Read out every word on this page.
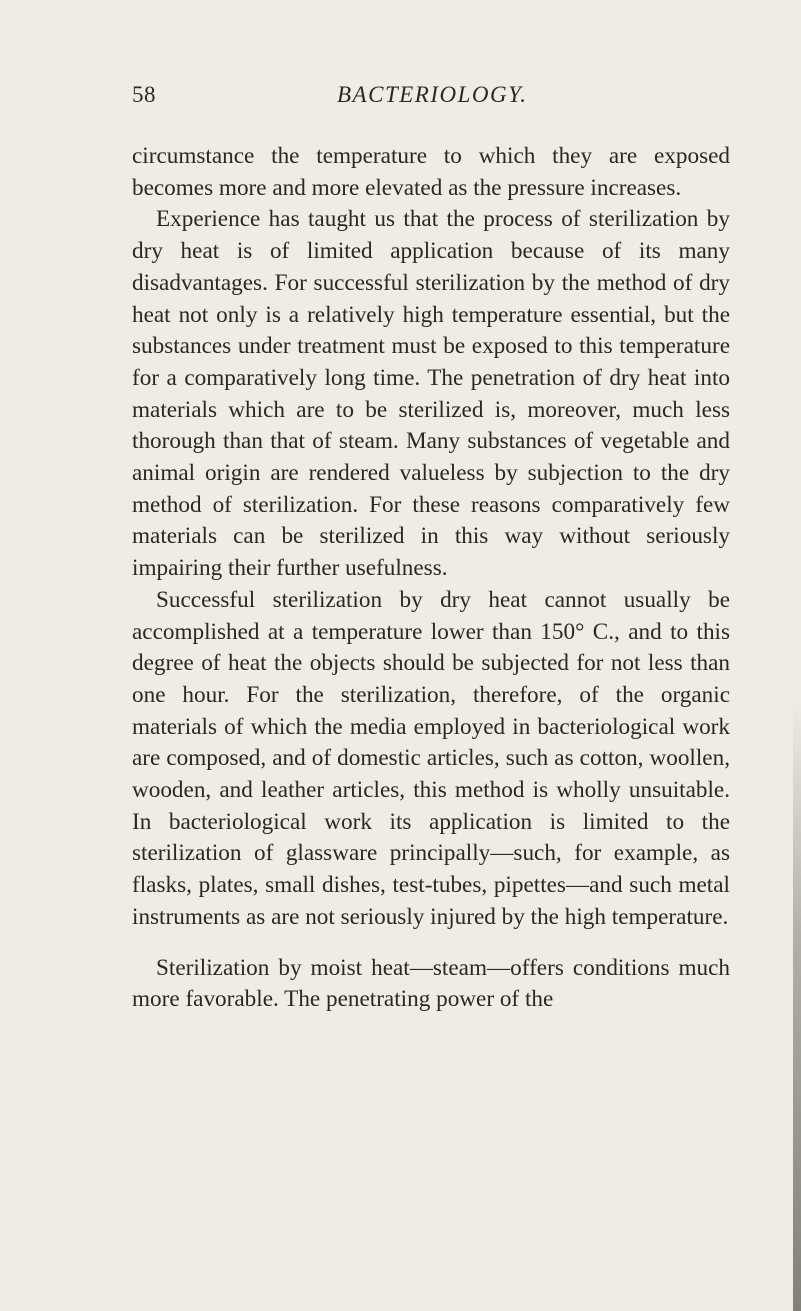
58	BACTERIOLOGY.

circumstance the temperature to which they are exposed becomes more and more elevated as the pressure increases.

Experience has taught us that the process of sterilization by dry heat is of limited application because of its many disadvantages. For successful sterilization by the method of dry heat not only is a relatively high temperature essential, but the substances under treatment must be exposed to this temperature for a comparatively long time. The penetration of dry heat into materials which are to be sterilized is, moreover, much less thorough than that of steam. Many substances of vegetable and animal origin are rendered valueless by subjection to the dry method of sterilization. For these reasons comparatively few materials can be sterilized in this way without seriously impairing their further usefulness.

Successful sterilization by dry heat cannot usually be accomplished at a temperature lower than 150° C., and to this degree of heat the objects should be subjected for not less than one hour. For the sterilization, therefore, of the organic materials of which the media employed in bacteriological work are composed, and of domestic articles, such as cotton, woollen, wooden, and leather articles, this method is wholly unsuitable. In bacteriological work its application is limited to the sterilization of glassware principally—such, for example, as flasks, plates, small dishes, test-tubes, pipettes—and such metal instruments as are not seriously injured by the high temperature.

Sterilization by moist heat—steam—offers conditions much more favorable. The penetrating power of the
